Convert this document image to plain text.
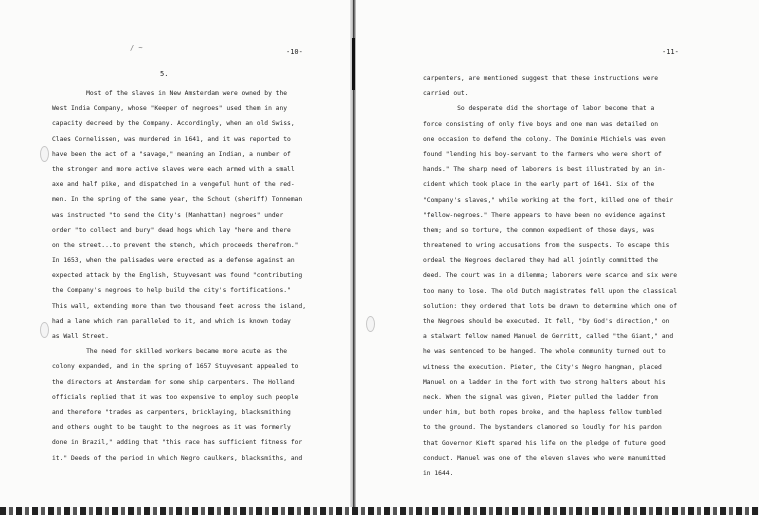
/ ~	-10-
5.
Most of the slaves in New Amsterdam were owned by the
West India Company, whose "Keeper of negroes" used them in any
capacity decreed by the Company. Accordingly, when an old Swiss,
Claes Cornelissen, was murdered in 1641, and it was reported to
have been the act of a "savage," meaning an Indian, a number of
the stronger and more active slaves were each armed with a small
axe and half pike, and dispatched in a vengeful hunt of the red-
men. In the spring of the same year, the Schout (sheriff) Tonneman
was instructed "to send the City's (Manhattan) negroes" under
order "to collect and bury" dead hogs which lay "here and there
on the street...to prevent the stench, which proceeds therefrom."
In 1653, when the palisades were erected as a defense against an
expected attack by the English, Stuyvesant was found "contributing
the Company's negroes to help build the city's fortifications."
This wall, extending more than two thousand feet across the island,
had a lane which ran paralleled to it, and which is known today
as Wall Street.
The need for skilled workers became more acute as the
colony expanded, and in the spring of 1657 Stuyvesant appealed to
the directors at Amsterdam for some ship carpenters. The Holland
officials replied that it was too expensive to employ such people
and therefore "trades as carpenters, bricklaying, blacksmithing
and others ought to be taught to the negroes as it was formerly
done in Brazil," adding that "this race has sufficient fitness for
it." Deeds of the period in which Negro caulkers, blacksmiths, and
-11-
carpenters, are mentioned suggest that these instructions were
carried out.
So desperate did the shortage of labor become that a
force consisting of only five boys and one man was detailed on
one occasion to defend the colony. The Dominie Michiels was even
found "lending his boy-servant to the farmers who were short of
hands." The sharp need of laborers is best illustrated by an in-
cident which took place in the early part of 1641. Six of the
"Company's slaves," while working at the fort, killed one of their
"fellow-negroes." There appears to have been no evidence against
them; and so torture, the common expedient of those days, was
threatened to wring accusations from the suspects. To escape this
ordeal the Negroes declared they had all jointly committed the
deed. The court was in a dilemma; laborers were scarce and six were
too many to lose. The old Dutch magistrates fell upon the classical
solution: they ordered that lots be drawn to determine which one of
the Negroes should be executed. It fell, "by God's direction," on
a stalwart fellow named Manuel de Gerritt, called "the Giant," and
he was sentenced to be hanged. The whole community turned out to
witness the execution. Pieter, the City's Negro hangman, placed
Manuel on a ladder in the fort with two strong halters about his
neck. When the signal was given, Pieter pulled the ladder from
under him, but both ropes broke, and the hapless fellow tumbled
to the ground. The bystanders clamored so loudly for his pardon
that Governor Kieft spared his life on the pledge of future good
conduct. Manuel was one of the eleven slaves who were manumitted
in 1644.
